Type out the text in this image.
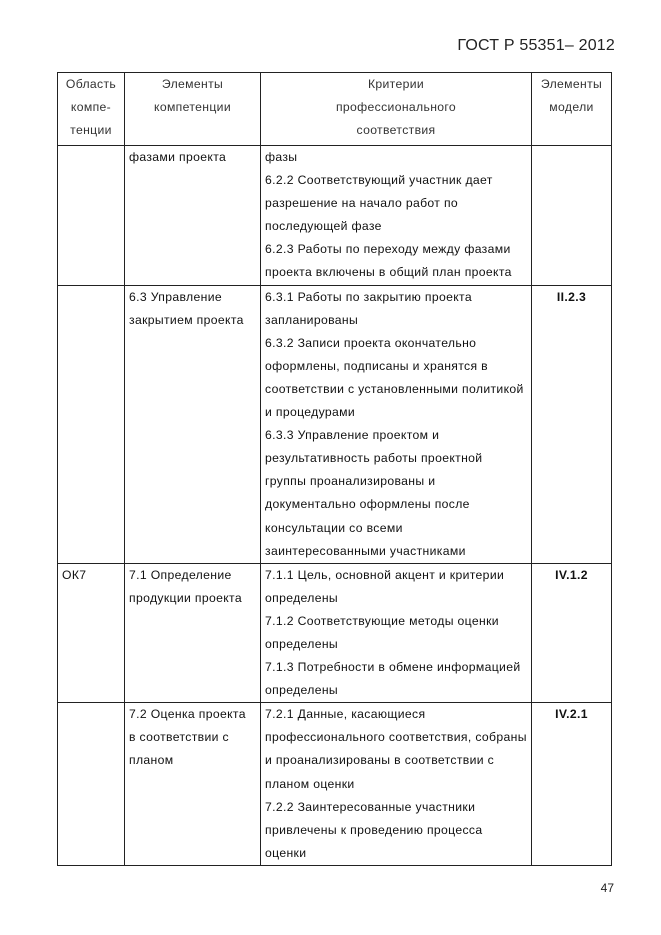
ГОСТ Р 55351– 2012
Область компе-тенции	Элементы компетенции	Критерии профессионального соответствия	Элементы модели
	фазами проекта	фазы
6.2.2 Соответствующий участник дает разрешение на начало работ по последующей фазе
6.2.3 Работы по переходу между фазами проекта включены в общий план проекта	

	6.3 Управление закрытием проекта	6.3.1 Работы по закрытию проекта запланированы
6.3.2 Записи проекта окончательно оформлены, подписаны и хранятся в соответствии с установленными политикой и процедурами
6.3.3 Управление проектом и результативность работы проектной группы проанализированы и документально оформлены после консультации со всеми заинтересованными участниками	II.2.3
ОК7	7.1 Определение продукции проекта	7.1.1 Цель, основной акцент и критерии определены
7.1.2 Соответствующие методы оценки определены
7.1.3 Потребности в обмене информацией определены	IV.1.2
	7.2 Оценка проекта в соответствии с планом	7.2.1 Данные, касающиеся профессионального соответствия, собраны и проанализированы в соответствии с планом оценки
7.2.2 Заинтересованные участники привлечены к проведению процесса оценки	IV.2.1
47
